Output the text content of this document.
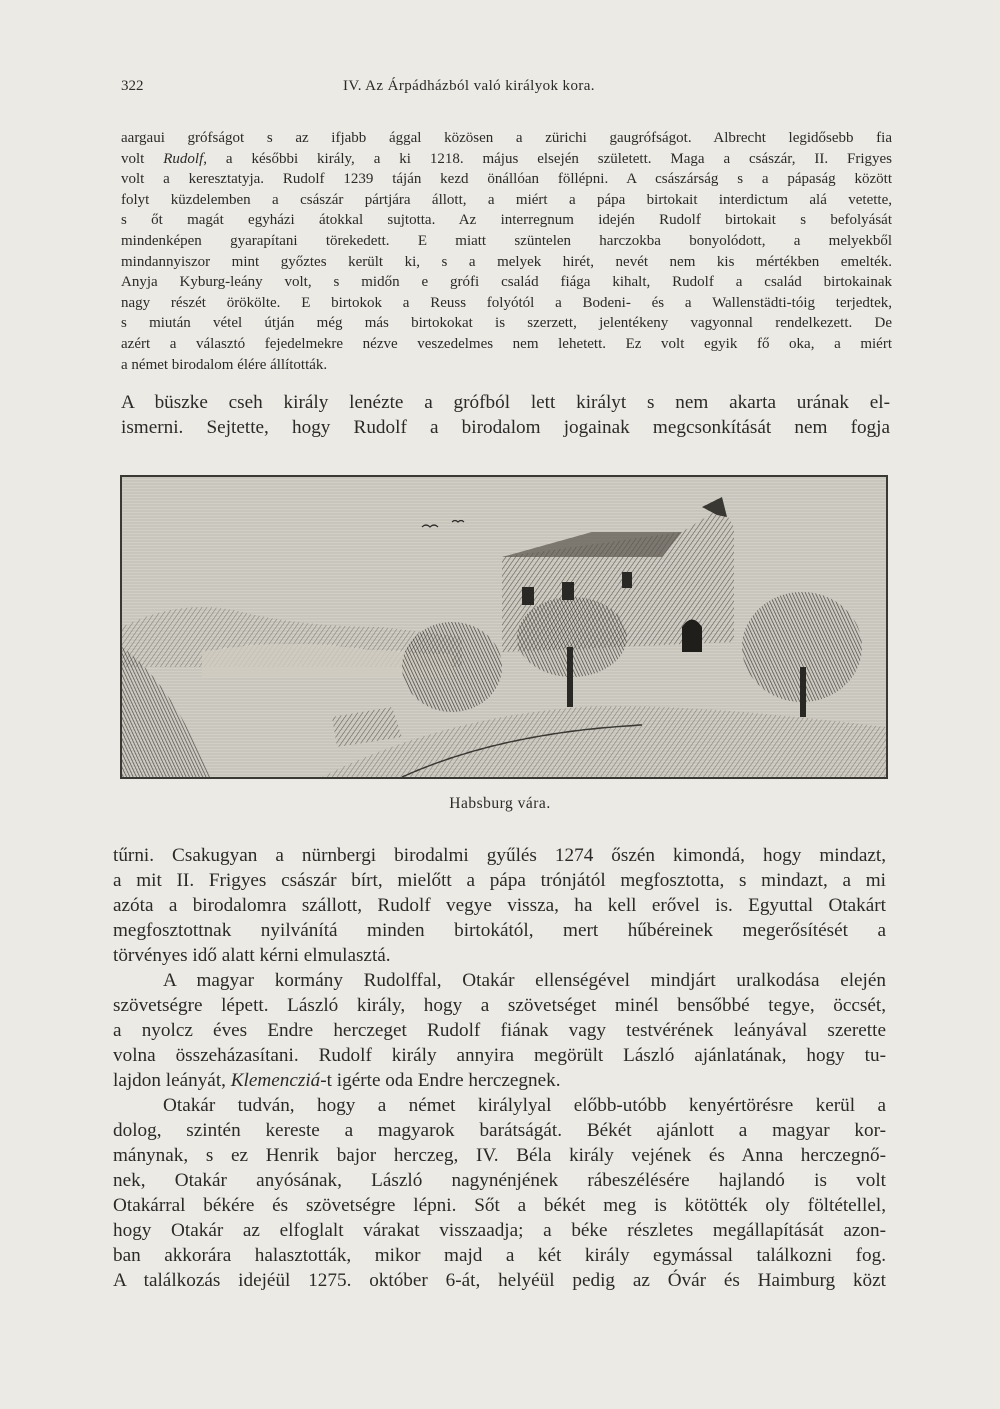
322	IV. Az Árpádházból való királyok kora.

aargaui grófságot s az ifjabb ággal közösen a zürichi gaugrófságot. Albrecht legidősebb fia

volt Rudolf, a későbbi király, a ki 1218. május elsején született. Maga a császár, II. Frigyes

volt a keresztatyja. Rudolf 1239 táján kezd önállóan föllépni. A császárság s a pápaság között

folyt küzdelemben a császár pártjára állott, a miért a pápa birtokait interdictum alá vetette,

s őt magát egyházi átokkal sujtotta. Az interregnum idején Rudolf birtokait s befolyását

mindenképen gyarapítani törekedett. E miatt szüntelen harczokba bonyolódott, a melyekből

mindannyiszor mint győztes került ki, s a melyek hirét, nevét nem kis mértékben emelték.

Anyja Kyburg-leány volt, s midőn e grófi család fiága kihalt, Rudolf a család birtokainak

nagy részét örökölte. E birtokok a Reuss folyótól a Bodeni- és a Wallenstädti-tóig terjedtek,

s miután vétel útján még más birtokokat is szerzett, jelentékeny vagyonnal rendelkezett. De

azért a választó fejedelmekre nézve veszedelmes nem lehetett. Ez volt egyik fő oka, a miért

a német birodalom élére állították.

A büszke cseh király lenézte a grófból lett királyt s nem akarta urának el-

ismerni. Sejtette, hogy Rudolf a birodalom jogainak megcsonkítását nem fogja

Habsburg vára.

tűrni. Csakugyan a nürnbergi birodalmi gyűlés 1274 őszén kimondá, hogy mindazt,

a mit II. Frigyes császár bírt, mielőtt a pápa trónjától megfosztotta, s mindazt, a mi

azóta a birodalomra szállott, Rudolf vegye vissza, ha kell erővel is. Egyuttal Otakárt

megfosztottnak nyilvánítá minden birtokától, mert hűbéreinek megerősítését a

törvényes idő alatt kérni elmulasztá.

A magyar kormány Rudolffal, Otakár ellenségével mindjárt uralkodása elején

szövetségre lépett. László király, hogy a szövetséget minél bensőbbé tegye, öccsét,

a nyolcz éves Endre herczeget Rudolf fiának vagy testvérének leányával szerette

volna összeházasítani. Rudolf király annyira megörült László ajánlatának, hogy tu-

lajdon leányát, Klemencziá-t igérte oda Endre herczegnek.

Otakár tudván, hogy a német királylyal előbb-utóbb kenyértörésre kerül a

dolog, szintén kereste a magyarok barátságát. Békét ajánlott a magyar kor-

mánynak, s ez Henrik bajor herczeg, IV. Béla király vejének és Anna herczegnő-

nek, Otakár anyósának, László nagynénjének rábeszélésére hajlandó is volt

Otakárral békére és szövetségre lépni. Sőt a békét meg is kötötték oly föltétellel,

hogy Otakár az elfoglalt várakat visszaadja; a béke részletes megállapítását azon-

ban akkorára halasztották, mikor majd a két király egymással találkozni fog.

A találkozás idejéül 1275. október 6-át, helyéül pedig az Óvár és Haimburg közt
